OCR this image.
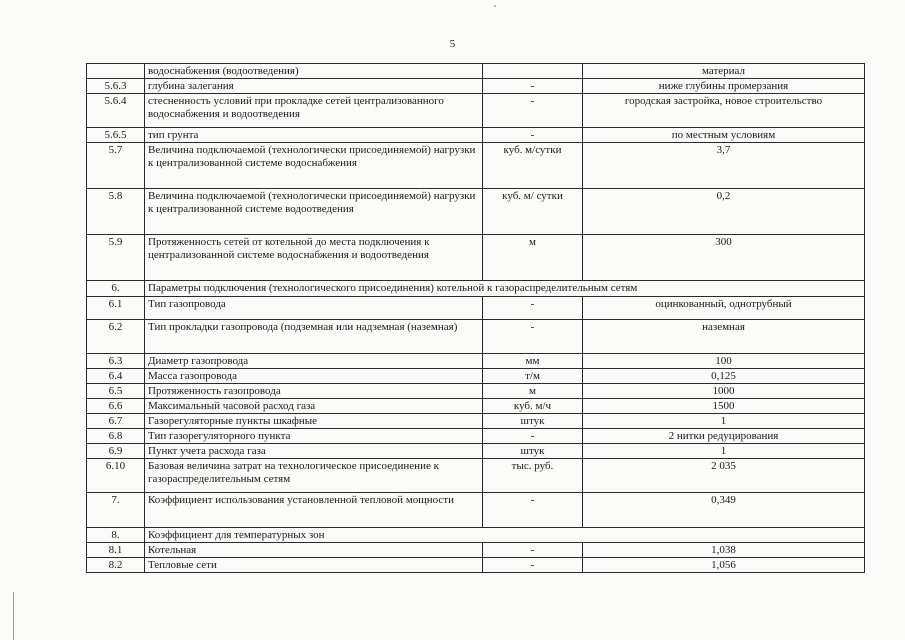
5
	водоснабжения (водоотведения)		материал
5.6.3	глубина залегания	-	ниже глубины промерзания
5.6.4	стесненность условий при прокладке сетей централизованного водоснабжения и водоотведения	-	городская застройка, новое строительство
5.6.5	тип грунта	-	по местным условиям
5.7	Величина подключаемой (технологически присоединяемой) нагрузки к централизованной системе водоснабжения	куб. м/сутки	3,7
5.8	Величина подключаемой (технологически присоединяемой) нагрузки к централизованной системе водоотведения	куб. м/ сутки	0,2
5.9	Протяженность сетей от котельной до места подключения к централизованной системе водоснабжения и водоотведения	м	300
6.	Параметры подключения (технологического присоединения) котельной к газораспределительным сетям		
6.1	Тип газопровода	-	оцинкованный, однотрубный
6.2	Тип прокладки газопровода (подземная или надземная (наземная)	-	наземная
6.3	Диаметр газопровода	мм	100
6.4	Масса газопровода	т/м	0,125
6.5	Протяженность газопровода	м	1000
6.6	Максимальный часовой расход газа	куб. м/ч	1500
6.7	Газорегуляторные пункты шкафные	штук	1
6.8	Тип газорегуляторного пункта	-	2 нитки редуцирования
6.9	Пункт учета расхода газа	штук	1
6.10	Базовая величина затрат на технологическое присоединение к газораспределительным сетям	тыс. руб.	2 035
7.	Коэффициент использования установленной тепловой мощности	-	0,349
8.	Коэффициент для температурных зон		
8.1	Котельная	-	1,038
8.2	Тепловые сети	-	1,056
